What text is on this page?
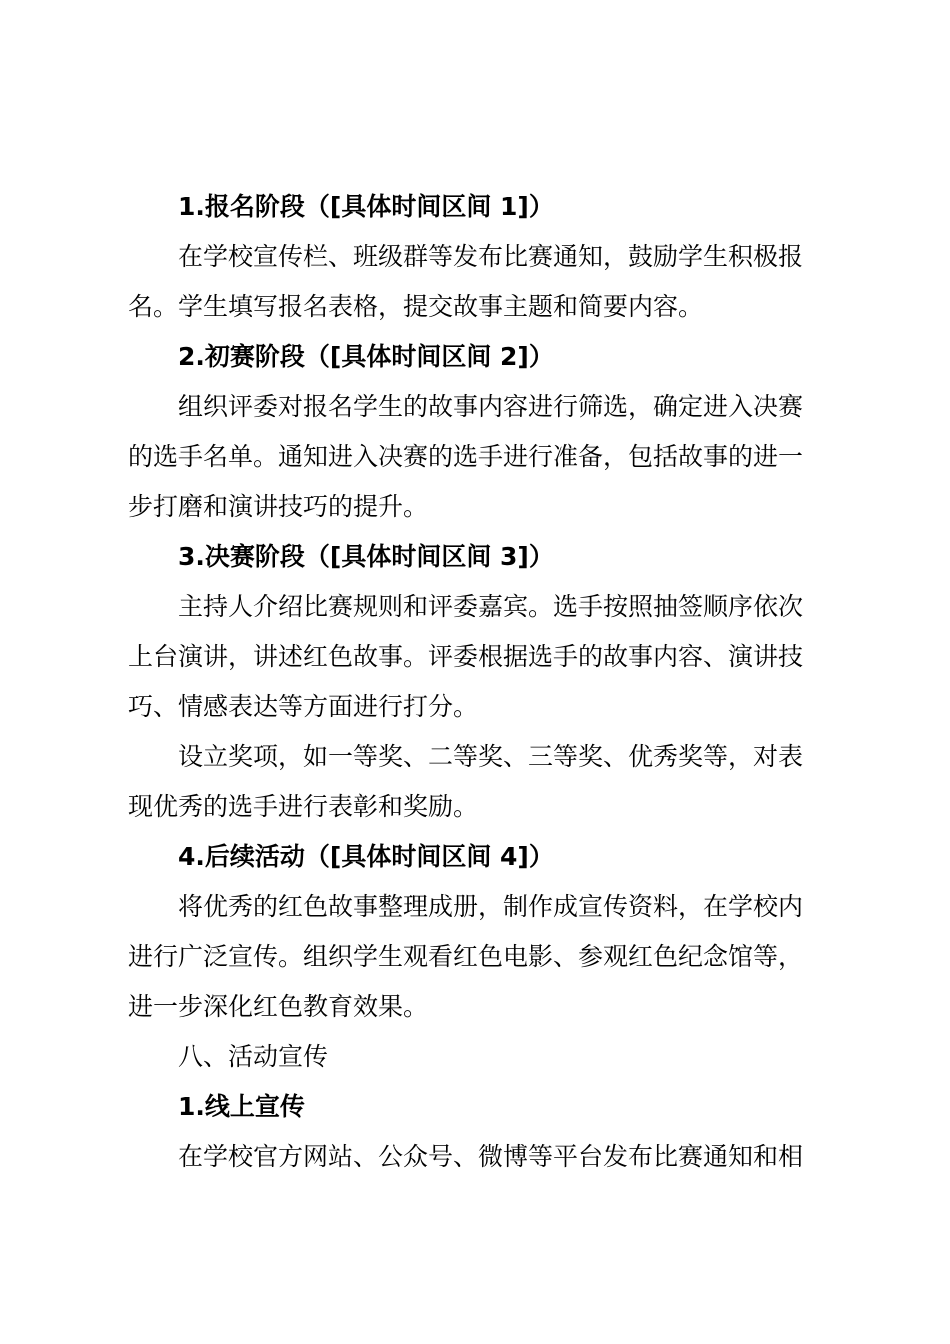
1.报名阶段（[具体时间区间 1]）
在学校宣传栏、班级群等发布比赛通知，鼓励学生积极报
名。学生填写报名表格，提交故事主题和简要内容。
2.初赛阶段（[具体时间区间 2]）
组织评委对报名学生的故事内容进行筛选，确定进入决赛
的选手名单。通知进入决赛的选手进行准备，包括故事的进一
步打磨和演讲技巧的提升。
3.决赛阶段（[具体时间区间 3]）
主持人介绍比赛规则和评委嘉宾。选手按照抽签顺序依次
上台演讲，讲述红色故事。评委根据选手的故事内容、演讲技
巧、情感表达等方面进行打分。
设立奖项，如一等奖、二等奖、三等奖、优秀奖等，对表
现优秀的选手进行表彰和奖励。
4.后续活动（[具体时间区间 4]）
将优秀的红色故事整理成册，制作成宣传资料，在学校内
进行广泛宣传。组织学生观看红色电影、参观红色纪念馆等，
进一步深化红色教育效果。
八、活动宣传
1.线上宣传
在学校官方网站、公众号、微博等平台发布比赛通知和相
